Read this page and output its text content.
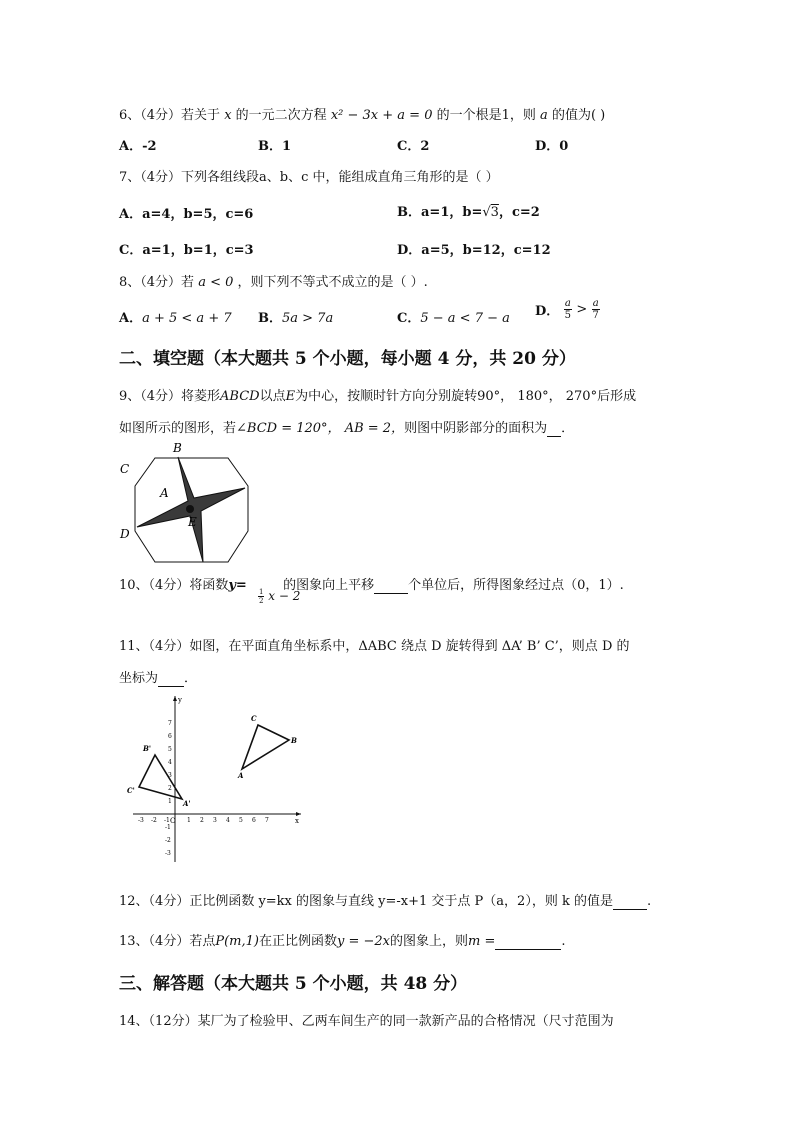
6、（4分）若关于 x 的一元二次方程 x² − 3x + a = 0 的一个根是1，则 a 的值为( )
A．-2	B．1	C．2	D．0
7、（4分）下列各组线段a、b、c 中，能组成直角三角形的是（ ）
A．a=4，b=5，c=6	B．a=1，b=√3，c=2
C．a=1，b=1，c=3	D．a=5，b=12，c=12
8、（4分）若 a < 0 ，则下列不等式不成立的是（ ）.
A．a + 5 < a + 7 B．5a > 7a	C．5 − a < 7 − a D． $\frac{a}{5} > \frac{a}{7}$
二、填空题（本大题共 5 个小题，每小题 4 分，共 20 分）
9、（4分）将菱形ABCD以点E为中心，按顺时针方向分别旋转90°， 180°， 270°后形成
如图所示的图形，若∠BCD = 120°， AB = 2，则图中阴影部分的面积为 ．
B
C
A
D
E
10、（4分）将函数y=	的图象向上平移	个单位后，所得图象经过点（0，1）.
$\frac{1}{2}$ x − 2
11、（4分）如图，在平面直角坐标系中，ΔABC 绕点 D 旋转得到 ΔA’ B’ C’，则点 D 的
坐标为 ．
x
y
O
-3 -2 -1	1 2 3 4 5 6 7
7
6
5
4
3
2
1
-1
-2
-3
A
C
B
A'
C'
B'
12、（4分）正比例函数 y=kx 的图象与直线 y=-x+1 交于点 P（a，2），则 k 的值是	.
13、（4分）若点P(m,1)在正比例函数y = −2x的图象上，则m =	.
三、解答题（本大题共 5 个小题，共 48 分）
14、（12分）某厂为了检验甲、乙两车间生产的同一款新产品的合格情况（尺寸范围为
